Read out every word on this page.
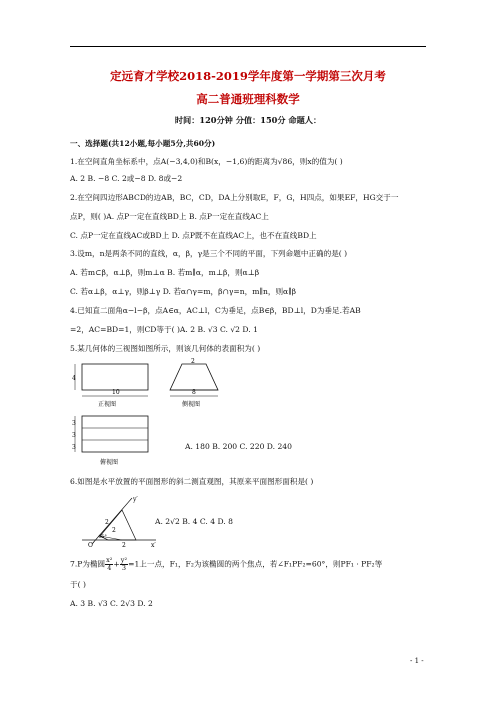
定远育才学校2018-2019学年度第一学期第三次月考
高二普通班理科数学
时间：120分钟 分值：150分 命题人：
一、选择题(共12小题,每小题5分,共60分)
1.在空间直角坐标系中，点A(−3,4,0)和B(x，−1,6)的距离为√86，则x的值为( )
A. 2 B. −8 C. 2或−8 D. 8或−2
2.在空间四边形ABCD的边AB，BC，CD，DA上分别取E，F，G，H四点，如果EF，HG交于一
点P，则( )A. 点P一定在直线BD上 B. 点P一定在直线AC上
C. 点P一定在直线AC或BD上 D. 点P既不在直线AC上，也不在直线BD上
3.设m，n是两条不同的直线，α，β，γ是三个不同的平面，下列命题中正确的是( )
A. 若m⊂β，α⊥β，则m⊥α B. 若m∥α，m⊥β，则α⊥β
C. 若α⊥β，α⊥γ，则β⊥γ D. 若α∩γ=m，β∩γ=n，m∥n，则α∥β
4.已知直二面角α−l−β，点A∈α，AC⊥l，C为垂足，点B∈β，BD⊥l，D为垂足.若AB
=2，AC=BD=1，则CD等于( )A. 2 B. √3 C. √2 D. 1
5.某几何体的三视图如图所示，则该几何体的表面积为( )
4
10
正视图
2
8
侧视图
3
3
3
俯视图
A. 180 B. 200 C. 220 D. 240
6.如图是水平放置的平面图形的斜二测直观图，其原来平面图形面积是( )
y′
x′
O′
2
2
45°
2
A. 2√2 B. 4 C. 4 D. 8
7.P为椭圆 $\frac{\text{x²}}{4} + \frac{\text{y²}}{3} =1$上一点，F₁，F₂为该椭圆的两个焦点，若∠F₁PF₂=60°，则PF₁ · PF₂等
于( )
A. 3 B. √3 C. 2√3 D. 2
- 1 -
